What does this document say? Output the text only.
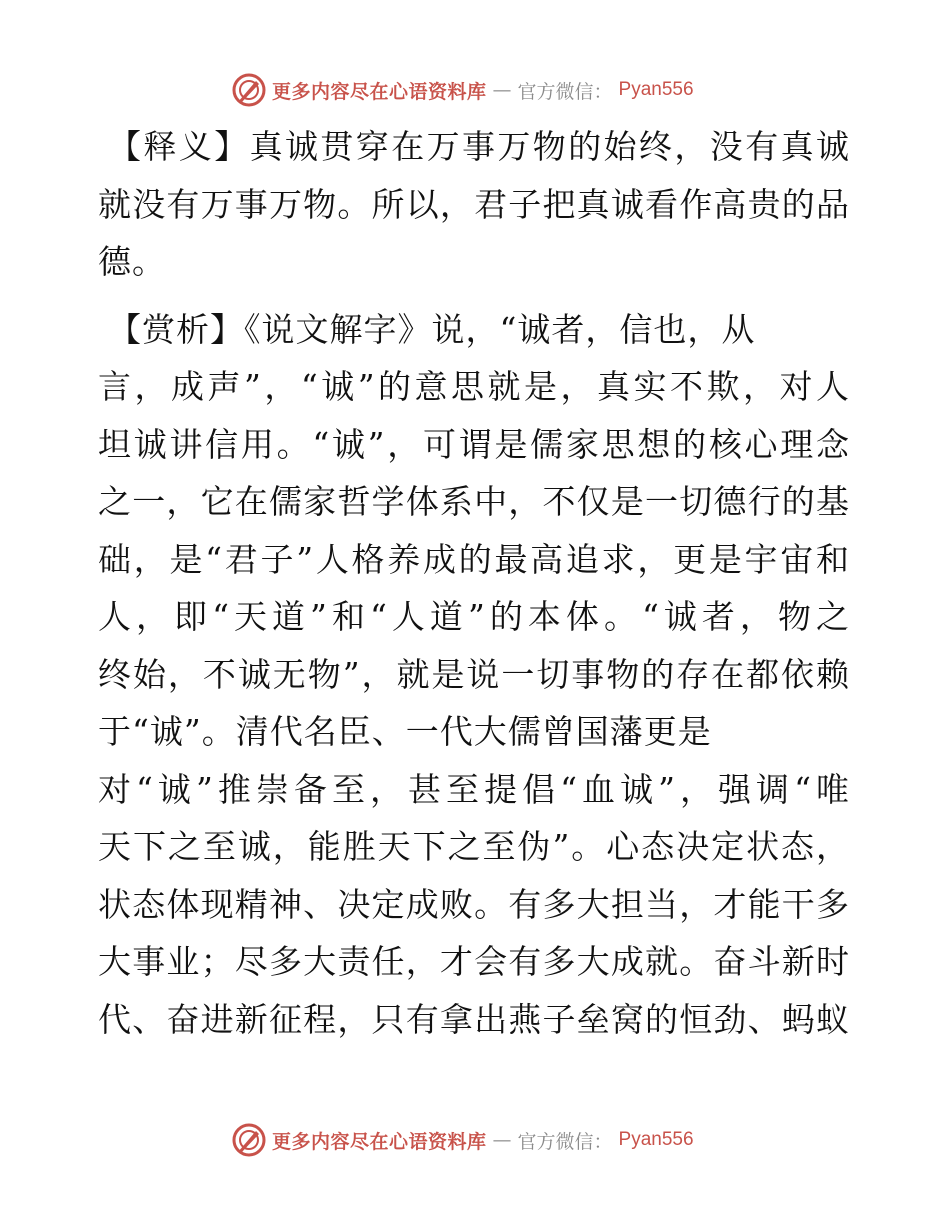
更多内容尽在心语资料库 — 官方微信： Pyan556
【释义】真诚贯穿在万事万物的始终，没有真诚
就没有万事万物。所以，君子把真诚看作高贵的品
德。
【赏析】《说文解字》说，“诚者，信也，从
言，成声”，“诚”的意思就是，真实不欺，对人
坦诚讲信用。“诚”，可谓是儒家思想的核心理念
之一，它在儒家哲学体系中，不仅是一切德行的基
础，是“君子”人格养成的最高追求，更是宇宙和
人，即“天道”和“人道”的本体。“诚者，物之
终始，不诚无物”，就是说一切事物的存在都依赖
于“诚”。清代名臣、一代大儒曾国藩更是
对“诚”推崇备至，甚至提倡“血诚”，强调“唯
天下之至诚，能胜天下之至伪”。心态决定状态，
状态体现精神、决定成败。有多大担当，才能干多
大事业；尽多大责任，才会有多大成就。奋斗新时
代、奋进新征程，只有拿出燕子垒窝的恒劲、蚂蚁
更多内容尽在心语资料库 — 官方微信： Pyan556
